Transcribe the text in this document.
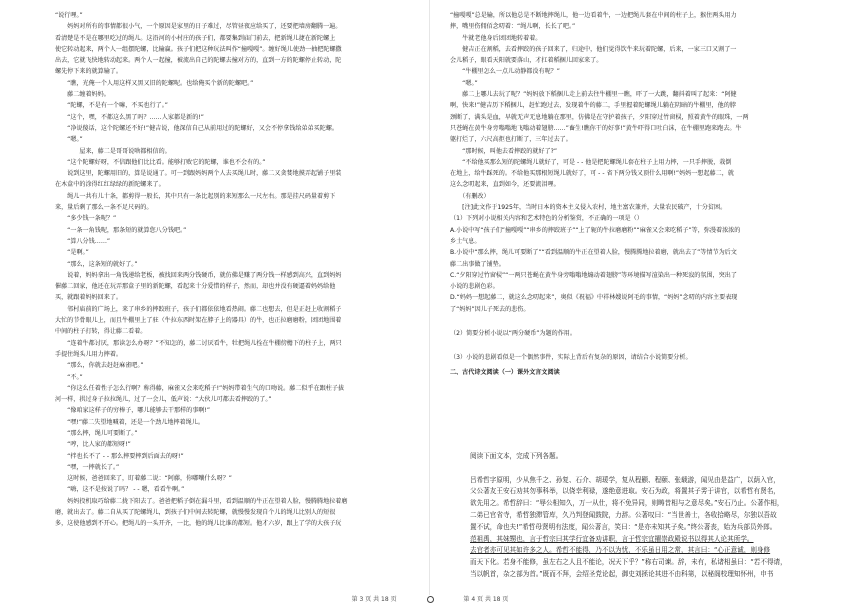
“说行哩。”
　　妈妈对所有的事情都很小气，一个原因是家里的日子难过，尽管昼夜应给买了，还要把墙房翻腾一遍。
看清楚是不是在哪里吃过的绳儿。这沿河的小村庄的孩子们，都要集到庙门前去，把新绳儿捷在新陀螺上
使它转动起来，两个人一组摆陀螺，比输赢。孩子们把这种玩法叫作“撞嘎嘎”。缠好绳儿使劲一抽把陀螺撒
出去，它就飞快地转动起来。两个人一起撞，被流出自己的陀螺去撞对方的，直到一方的陀螺停止转动，陀
螺先停下来的就算输了。
　　“瞧，光俺一个人用这样又黑又旧的陀螺呢。也给俺买个新的陀螺吧。”
　　藤二缠着妈妈。
　　“陀螺，不是有一个嘛，不买也行了。”
　　“这个，嘿，不都这么黑了吗？……人家都是新的!”
　　“净说傻话，这个陀螺还不好!”健吉说，他深信自己从前用过的陀螺好，又会不停拿钱给弟弟买陀螺。
　　“嗯。”
　　　　屋来，藤二是哥哥说啥都相信的。
　　“这个陀螺好呀，不信跟他们比比看。能够打败它的陀螺，谁也不会有的。”
　　说到这里，陀螺用旧的，算是说通了。可一到跟妈妈两个人去买绳儿时，藤二又贪婪地摸弄起铺子里装
在木盒中的涂得红红绿绿的新陀螺来了。
　　绳儿一共有儿十条，都剪得一般长，其中只有一条比起别的来短那么一尺左右。那是挂尺码量着剪下
来，量后剩了那么一条不足尺码的。
　　“多少钱一条呢？”
　　“一条一角钱呢，那条短的就算您八分钱吧。”
　　“算八分钱……”
　　“是啊。”
　　“那么，这条短的就好了。”
　　说着，妈妈拿出一角钱递给老板，被找回来两分钱硬币，就仿佛是赚了两分钱一样感到高兴，直到妈妈
催藤二回家，他还在玩弄那盒子里的新陀螺，看起来十分爱惜的样子，然而，却也并没有硬逼着妈妈给他
买，就跟着妈妈回来了。
　　邻村庙前的广场上，来了串乡的摔跤班子，孩子们都依依地看热闹。藤二也想去，但是正赶上收割稻子
大忙的节骨眼儿上，而且牛棚里上了驻（牛拉东西时架在脖子上的器具）的牛，也正拉磨磨粉，团团地围着
中间的柱子打转，得让藤二看着。
　　“连着牛都讨厌，那读怎么办呀？”不知怎的，藤二讨厌看牛，牡把绳儿拴在牛棚傍檐下的柱子上，两只
手提住绳头儿用力摔着。
　　“那么，你就去赶赶麻雀吧。”
　　“不。”
　　“你这么任着性子怎么行啊？称得藤，麻雀又会来吃稻子!”妈妈带着生气的口吻说。藤二似乎在跟柱子拔
河一样，拱过身子拉拉绳儿，过了一会儿，低声说：“大伙儿可都去看摔跤的了。”
　　“像咱家这样子的穷棒子，哪儿能够去干那样的事啊!”
　　“嘿!”藤二失望地喊着，还是一个劲儿地摔着绳儿。
　　“那么摔，绳儿可要断了。”
　　“哼，比人家的都短呀!”
　　“拌也长不了 - - 那么摔要摔到后面去的呀!”
　　“嘿，一摔就长了。”
　　这时候，爸爸回来了，盯着藤二说：“阿藤，你嘟囔什么呀？”
　　“嗨，这不是按说了吗？ - - 嗯，看看牛啊。”
　　妈妈投机取巧给藤二拢下阳去了。爸爸把稻子倒在漏斗里，看到温顺的牛正在望着人脸，慢腾腾地拉着磨
磨，就出去了。藤二自从买了陀螺绳儿，到孩子们中间去转陀螺，就慢慢发现自个儿的绳儿比别人的短很
多，这使他感到不开心。把绳儿的一头开齐，一比，他的绳儿比谁的都短。他才六岁，跟上了学的大孩子玩
“撞嘎嘎”总是输，所以他总是不断地摔绳儿，他一边看着牛，一边把绳儿套在中间的柱子上，猴住两头用力
摔，嘴里伤佣佰念叨着：“绳儿啊，长长了吧。”
　　牛就老他身后团团地转着着。
　　健吉正在割稻，去看摔跤的孩子回来了，归途中，他们觉得饮牛来玩着陀螺，后来，一家三口又割了一
会儿稻子，眼看天阳就要落山，才扛着稻捆儿回家来了。
　　“牛棚里怎么一点儿动静都没有呢？”
　　“嗯。”
　　藤二上哪儿去玩了呢？”妈妈放下稻捆儿走上前去往牛棚里一瞧，吓了一大跳，翻抖着叫了起来：“阿健
啊，快来!”健吉历下稻捆儿，赶忙跑过去，发现着牛的藤二，手里握着陀螺绳儿躺在阴暗的牛棚里，他的脖
颈断了，满头是血，早就无声无息地躺在那里，仿佛是在守护着孩子，夕阳穿过竹窗棂，照着黄牛的眼珠，一两
只苍蝇在黄牛身旁嗡嗡地飞嗡动着翅膀……”畜生!瞧你干的好事!”黄牛吓得口吐白沫，在牛棚里跑来跑去。牛
躯打烂了，六尺高拒也打断了，三年过去了。
　　“那时候，叫他去看摔跤的就好了?”
　　“不给他买那么短的陀螺绳儿就好了，可是 - - 他是把陀螺绳儿套在柱子上用力摔，一只手摔脱，栽倒
在地上，给牛踩死的。不给他买那根短绳儿就好了，可 - - 省下两分钱又顶什么用啊!”妈妈一想起藤二，就
这么念叨起来，直到如今，还要流泪哩。
　　（有删改）
　　[注]此文作于1925年，当时日本的资本主义侵入农村，地主富农兼并，大量农民破产，十分贫困。
（1）下列对小说相关内容和艺术特色的分析鉴赏，不正确的一项是（）
A.小说中写“孩子们”撞嘎嘎”“串乡的摔跤班子”“上了轭的牛拉磨磨粉”“麻雀又会来吃稻子”等，弥漫着浓浓的
乡土气息。
B.小说中“那么摔，绳儿可要断了”“看到温顺的牛正在望着人脸，慢腾腾地拉着磨，就出去了”等情节为后文
藤二出事做了铺垫。
C.“夕阳穿过竹窗棂”“一两只苍蝇在黄牛身旁嗡嗡地煽动着翅膀”等环境描写渲染出一种死寂的氛围，突出了
小说的悲剧色彩。
D.“妈妈一想起藤二，就这么念叨起来”，奥似《祝福》中祥林嫂说阿毛的事情，“妈妈”念叨的内容主要表现
了“妈妈”因儿子死去的悲伤。
（2）简要分析小说以“两分硬币”为题的作用。
（3）小说的悲剧看似是一个偶然事件，实际上背后有复杂的原因，请结合小说简要分析。
二、古代诗文阅读（一）课外文言文阅读
阅读下面文本，完成下列各题。
吕希哲字原明，少从焦千之、孙复、石介、胡瑗学，复从程颢、程颐、张载游，闻见由是益广，以荫入官，
父公著友王安石劝其勿事科举，以侥幸利禄，遂绝意进取。安石为政，将置其子雱于讲官，以希哲有贤名，
欲先用之。希哲辞曰：“辱公相知久，万一从仕，将不免异同，则畴昔相与之意尽矣。”安石乃止。公著作相，
二弟已官省寺，希哲独滞管库，久乃判登闻鼓院，力辞。公著叹曰：“当世善士，各收拾略尽，尔独以吾故
置不试，命也夫!”希哲母贤明有法度，闻公著言，笑曰：“是亦未知其子矣。”终公著丧，始为兵部员外郎。
范祖禹，其妹甥也，言于哲宗曰其学行宜备劝讲职，言于哲宗宜擢崇政殿说书以得其人论其所学。
去官者亦可见其如许多之人。希哲不能得，乃不以为忧，不乐虽日用之常，其言曰：“心正意诚，则身修
而天下化。若身不能修，虽左右之人且不能论，况天下乎？”称右司谏。辞，未有，私诸相虽曰：“若不得请，
当以帆首，杂之部为首。”既而不拜，会绍圣党论起，御史刘拯论其进不由科第，以秘阁校理知怀州，申书
第 3 页 共 18 页	第 4 页 共 18 页
